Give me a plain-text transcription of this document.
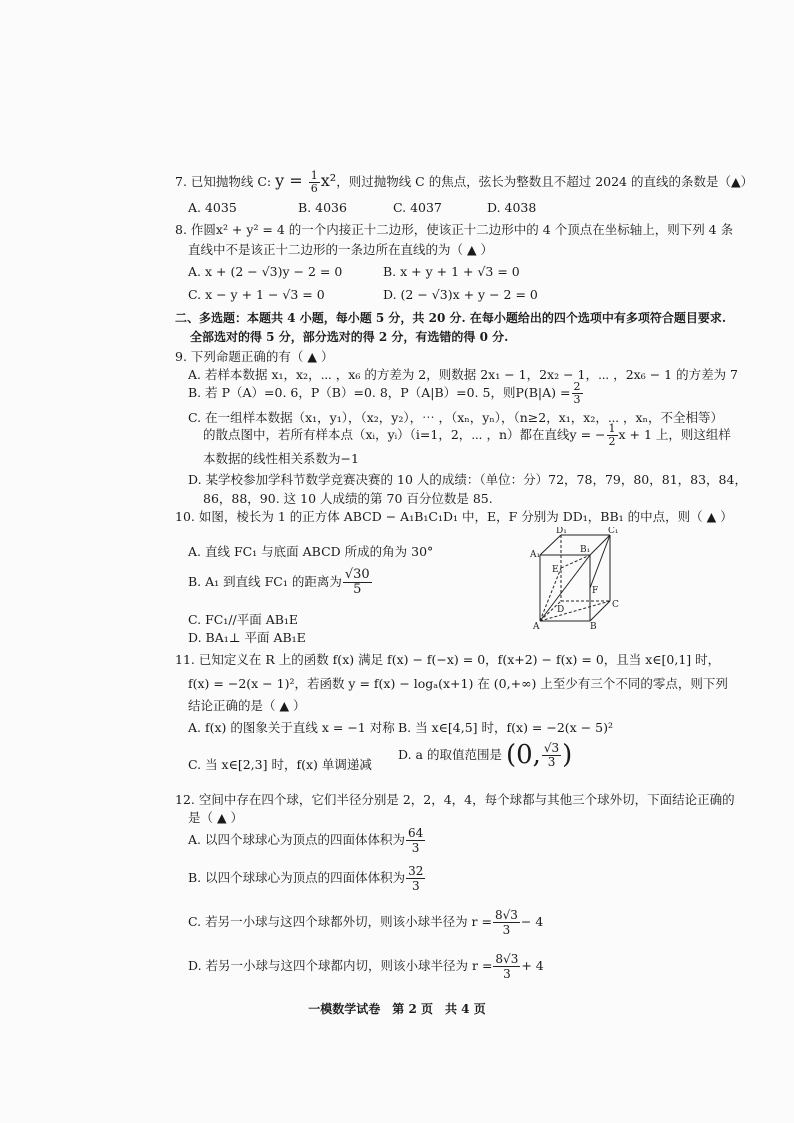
7. 已知抛物线 C: $y = \frac{1}{6} x^2$，则过抛物线 C 的焦点，弦长为整数且不超过 2024 的直线的条数是（▲）
A. 4035	B. 4036	C. 4037	D. 4038
8. 作圆x² + y² = 4 的一个内接正十二边形，使该正十二边形中的 4 个顶点在坐标轴上，则下列 4 条
直线中不是该正十二边形的一条边所在直线的为（ ▲ ）
A. x + (2 − √3)y − 2 = 0	B. x + y + 1 + √3 = 0
C. x − y + 1 − √3 = 0	D. (2 − √3)x + y − 2 = 0
二、多选题：本题共 4 小题，每小题 5 分，共 20 分. 在每小题给出的四个选项中有多项符合题目要求.
全部选对的得 5 分，部分选对的得 2 分，有选错的得 0 分.
9. 下列命题正确的有（ ▲ ）
A. 若样本数据 x₁，x₂，⋯ ，x₆ 的方差为 2，则数据 2x₁ − 1，2x₂ − 1，⋯ ，2x₆ − 1 的方差为 7
B. 若 P（A）=0. 6，P（B）=0. 8，P（A|B）=0. 5，则$P(B|A) = \frac{2}{3}$
C. 在一组样本数据（x₁，y₁），（x₂，y₂），⋯ ，（xₙ，yₙ），（n≥2，x₁，x₂，⋯ ，xₙ，不全相等）
的散点图中，若所有样本点（xᵢ，yᵢ）（i=1，2，⋯ ，n）都在直线y = − $\frac{1}{2}$ x + 1 上，则这组样
本数据的线性相关系数为−1
D. 某学校参加学科节数学竞赛决赛的 10 人的成绩：（单位：分）72，78，79，80，81，83，84，
86，88，90. 这 10 人成绩的第 70 百分位数是 85.
10. 如图，棱长为 1 的正方体 ABCD − A₁B₁C₁D₁ 中，E，F 分别为 DD₁，BB₁ 的中点，则（ ▲ ）
A. 直线 FC₁ 与底面 ABCD 所成的角为 30°
B. A₁ 到直线 FC₁ 的距离为 $\frac{√30}{5}$
C. FC₁//平面 AB₁E
D. BA₁⊥ 平面 AB₁E
D₁	C₁
A₁	B₁
E
F
D	C
A	B
11. 已知定义在 R 上的函数 f(x) 满足 f(x) − f(−x) = 0，f(x+2) − f(x) = 0，且当 x∈[0,1] 时，
f(x) = −2(x − 1)²，若函数 y = f(x) − logₐ(x+1) 在 (0,+∞) 上至少有三个不同的零点，则下列
结论正确的是（ ▲ ）
A. f(x) 的图象关于直线 x = −1 对称 B. 当 x∈[4,5] 时，f(x) = −2(x − 5)²
C. 当 x∈[2,3] 时，f(x) 单调递减
D. a 的取值范围是 (0, $\frac{√3}{3}$ )
12. 空间中存在四个球，它们半径分别是 2，2，4，4，每个球都与其他三个球外切，下面结论正确的
是（ ▲ ）
A. 以四个球球心为顶点的四面体体积为 $\frac{64}{3}$
B. 以四个球球心为顶点的四面体体积为 $\frac{32}{3}$
C. 若另一小球与这四个球都外切，则该小球半径为 $r = \frac{8√3}{3} - 4$
D. 若另一小球与这四个球都内切，则该小球半径为 $r = \frac{8√3}{3} + 4$
一模数学试卷　第 2 页　共 4 页
